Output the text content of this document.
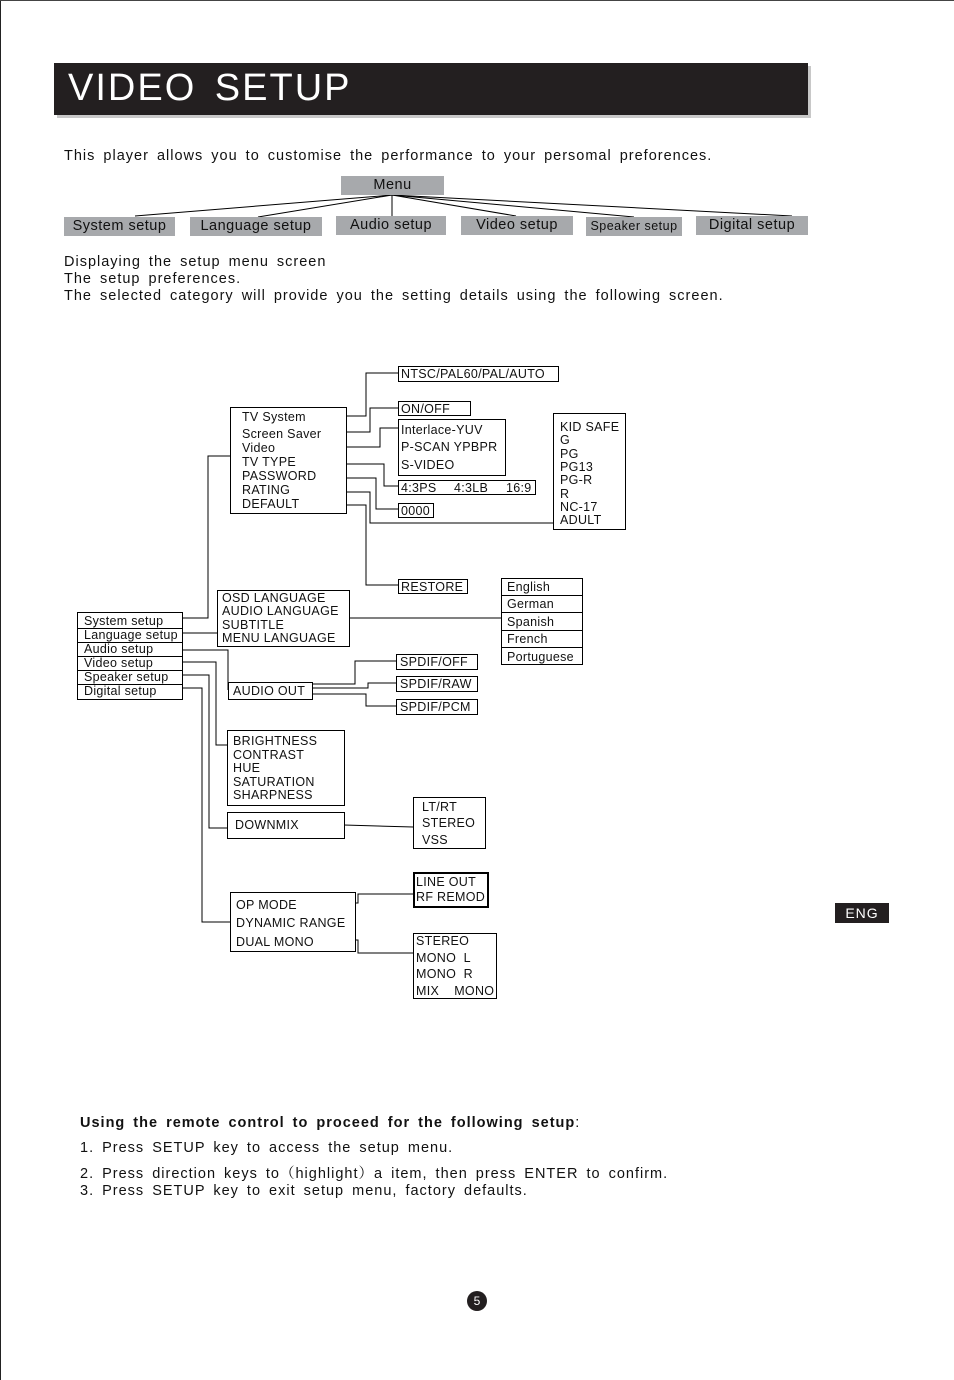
VIDEO SETUP
This player allows you to customise the performance to your persomal preforences.
Menu
System setup	Language setup	Audio setup	Video setup	Speaker setup	Digital setup
Displaying the setup menu screen
The setup preferences.
The selected category will provide you the setting details using the following screen.
System setup
Language setup
Audio setup
Video setup
Speaker setup
Digital setup
TV System
Screen Saver
Video
TV TYPE
PASSWORD
RATING
DEFAULT
NTSC/PAL60/PAL/AUTO
ON/OFF
Interlace-YUV
P-SCAN YPBPR
S-VIDEO
4:3PS 4:3LB 16:9
0000
KID SAFE
G
PG
PG13
PG-R
R
NC-17
ADULT
RESTORE
OSD LANGUAGE
AUDIO LANGUAGE
SUBTITLE
MENU LANGUAGE
English
German
Spanish
French
Portuguese
AUDIO OUT
SPDIF/OFF
SPDIF/RAW
SPDIF/PCM
BRIGHTNESS
CONTRAST
HUE
SATURATION
SHARPNESS
DOWNMIX
LT/RT
STEREO
VSS
OP MODE
DYNAMIC RANGE
DUAL MONO
LINE OUT
RF REMOD
STEREO
MONO  L
MONO  R
MIX    MONO
ENG
Using the remote control to proceed for the following setup:
1. Press SETUP key to access the setup menu.
2. Press direction keys to（highlight）a item, then press ENTER to confirm.
3. Press SETUP key to exit setup menu, factory defaults.
5
